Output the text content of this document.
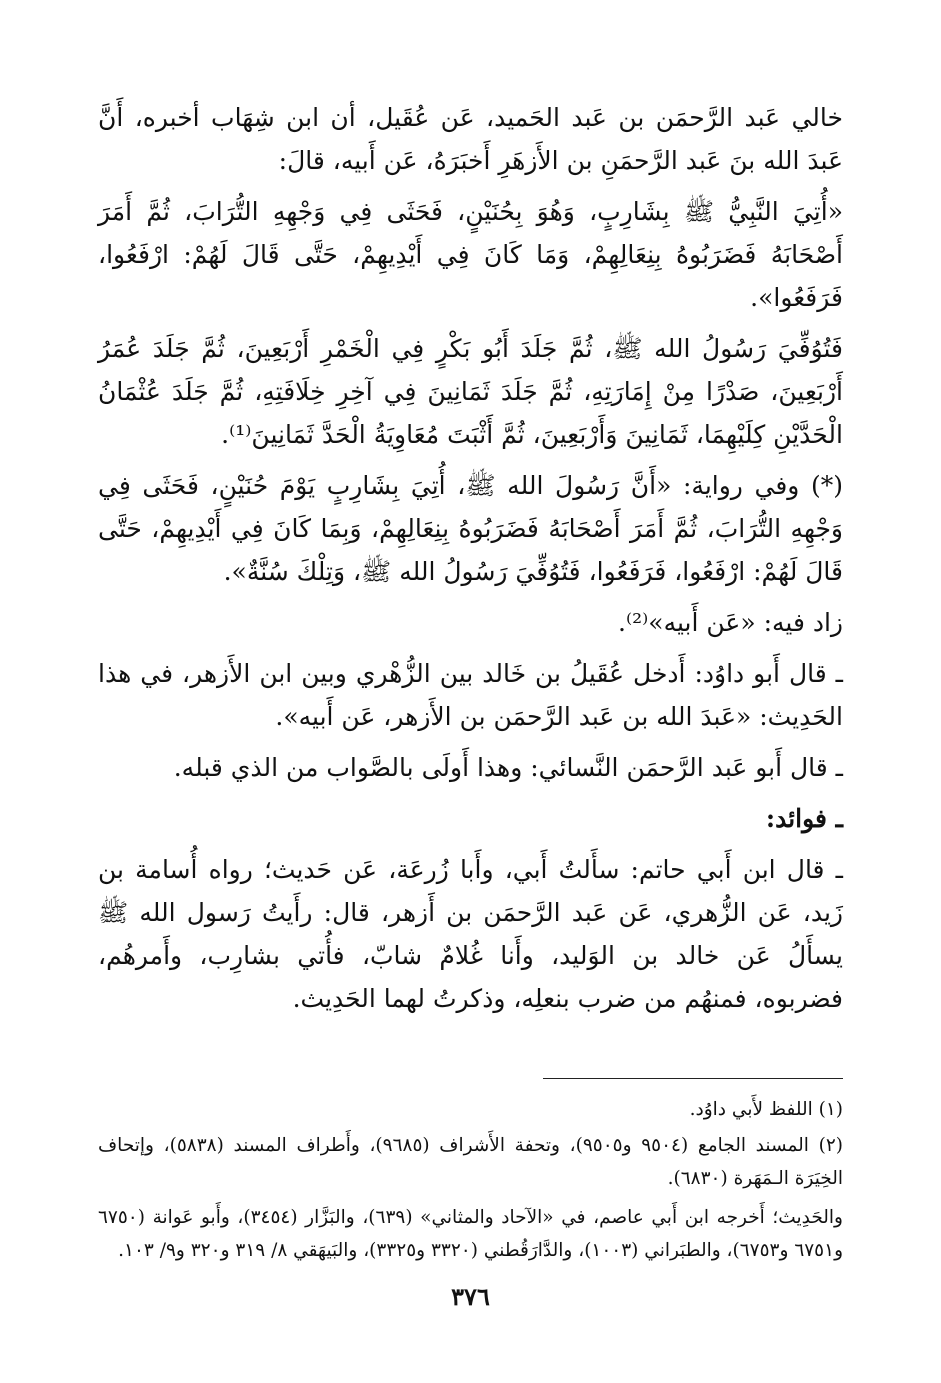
خالي عَبد الرَّحمَن بن عَبد الحَميد، عَن عُقَيل، أن ابن شِهَاب أخبره، أَنَّ عَبدَ الله بنَ عَبد الرَّحمَنِ بن الأَزهَرِ أَخبَرَهُ، عَن أَبيه، قالَ:

«أُتِيَ النَّبِيُّ ﷺ بِشَارِبٍ، وَهُوَ بِحُنَيْنٍ، فَحَثَى فِي وَجْهِهِ التُّرَابَ، ثُمَّ أَمَرَ أَصْحَابَهُ فَضَرَبُوهُ بِنِعَالِهِمْ، وَمَا كَانَ فِي أَيْدِيهِمْ، حَتَّى قَالَ لَهُمْ: ارْفَعُوا، فَرَفَعُوا».

فَتُوُفِّيَ رَسُولُ الله ﷺ، ثُمَّ جَلَدَ أَبُو بَكْرٍ فِي الْخَمْرِ أَرْبَعِينَ، ثُمَّ جَلَدَ عُمَرُ أَرْبَعِينَ، صَدْرًا مِنْ إِمَارَتِهِ، ثُمَّ جَلَدَ ثَمَانِينَ فِي آخِرِ خِلَافَتِهِ، ثُمَّ جَلَدَ عُثْمَانُ الْحَدَّيْنِ كِلَيْهِمَا، ثَمَانِينَ وَأَرْبَعِينَ، ثُمَّ أَثْبَتَ مُعَاوِيَةُ الْحَدَّ ثَمَانِينَ⁽¹⁾.

(*) وفي رواية: «أَنَّ رَسُولَ الله ﷺ، أُتِيَ بِشَارِبٍ يَوْمَ حُنَيْنٍ، فَحَثَى فِي وَجْهِهِ التُّرَابَ، ثُمَّ أَمَرَ أَصْحَابَهُ فَضَرَبُوهُ بِنِعَالِهِمْ، وَبِمَا كَانَ فِي أَيْدِيهِمْ، حَتَّى قَالَ لَهُمْ: ارْفَعُوا، فَرَفَعُوا، فَتُوُفِّيَ رَسُولُ الله ﷺ، وَتِلْكَ سُنَّةٌ».

زاد فيه: «عَن أَبيه»⁽²⁾.

ـ قال أَبو داوُد: أَدخل عُقَيلُ بن خَالد بين الزُّهْري وبين ابن الأَزهر، في هذا الحَدِيث: «عَبدَ الله بن عَبد الرَّحمَن بن الأَزهر، عَن أَبيه».

ـ قال أَبو عَبد الرَّحمَن النَّسائي: وهذا أَولَى بالصَّواب من الذي قبله.

ـ فوائد:

ـ قال ابن أَبي حاتم: سأَلتُ أَبي، وأَبا زُرعَة، عَن حَديث؛ رواه أُسامة بن زَيد، عَن الزُّهري، عَن عَبد الرَّحمَن بن أَزهر، قال: رأَيتُ رَسول الله ﷺ يسأَلُ عَن خالد بن الوَليد، وأَنا غُلامٌ شابّ، فأُتي بشارِب، وأَمرهُم، فضربوه، فمنهُم من ضرب بنعلِه، وذكرتُ لهما الحَدِيث.

(١) اللفظ لأَبي داوُد.

(٢) المسند الجامع (٩٥٠٤ و٩٥٠٥)، وتحفة الأَشراف (٩٦٨٥)، وأَطراف المسند (٥٨٣٨)، وإتحاف الخِيَرَة الـمَهَرة (٦٨٣٠).

والحَدِيث؛ أَخرجه ابن أَبي عاصم، في «الآحاد والمثاني» (٦٣٩)، والبَزَّار (٣٤٥٤)، وأَبو عَوانة (٦٧٥٠ و٦٧٥١ و٦٧٥٣)، والطبَراني (١٠٠٣)، والدَّارَقُطني (٣٣٢٠ و٣٣٢٥)، والبَيهَقي ٨/ ٣١٩ و٣٢٠ و٩/ ١٠٣.

٣٧٦
